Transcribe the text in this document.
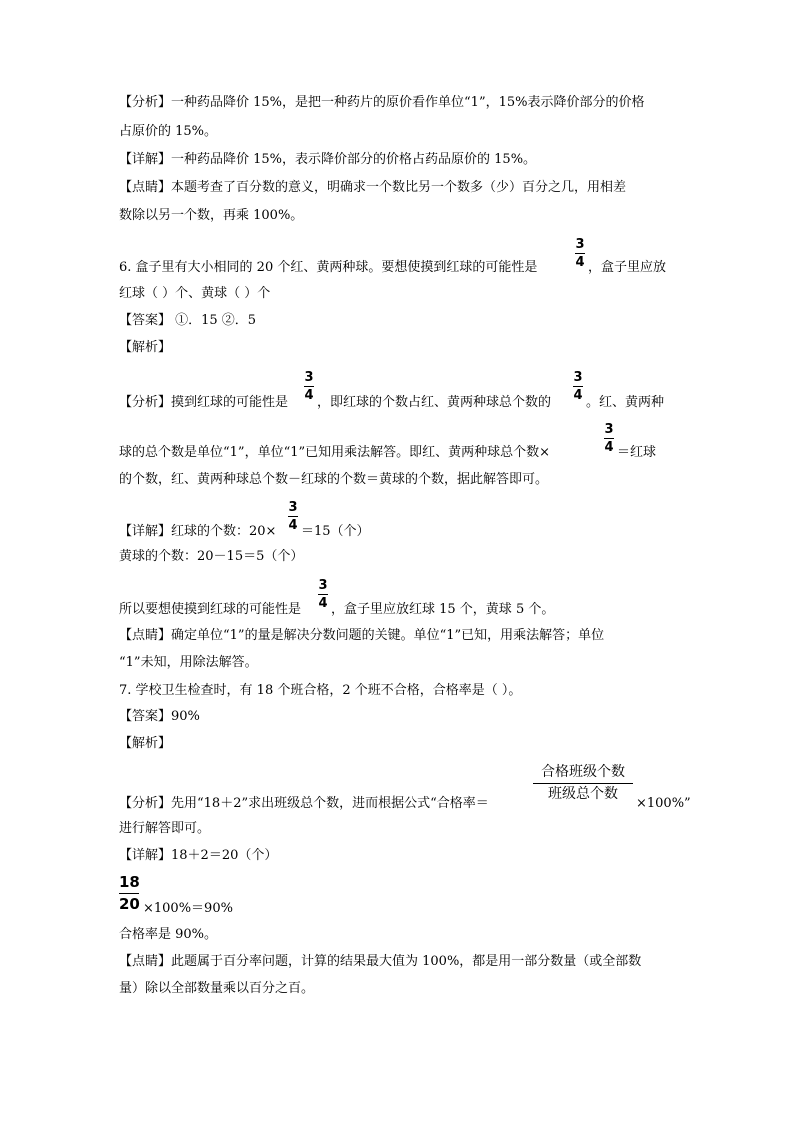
【分析】一种药品降价 15%，是把一种药片的原价看作单位“1”，15%表示降价部分的价格
占原价的 15%。
【详解】一种药品降价 15%，表示降价部分的价格占药品原价的 15%。
【点睛】本题考查了百分数的意义，明确求一个数比另一个数多（少）百分之几，用相差
数除以另一个数，再乘 100%。
6. 盒子里有大小相同的 20 个红、黄两种球。要想使摸到红球的可能性是
3
4 ，盒子里应放
红球（ ）个、黄球（ ）个
【答案】 ①．15 ②．5
【解析】
【分析】摸到红球的可能性是
3
4 ，即红球的个数占红、黄两种球总个数的
3
4 。红、黄两种
球的总个数是单位“1”，单位“1”已知用乘法解答。即红、黄两种球总个数×
3
4 ＝红球
的个数，红、黄两种球总个数－红球的个数＝黄球的个数，据此解答即可。
【详解】红球的个数：20×
3
4 ＝15（个）
黄球的个数：20－15＝5（个）
所以要想使摸到红球的可能性是
3
4 ，盒子里应放红球 15 个，黄球 5 个。
【点睛】确定单位“1”的量是解决分数问题的关键。单位“1”已知，用乘法解答；单位
“1”未知，用除法解答。
7. 学校卫生检查时，有 18 个班合格，2 个班不合格，合格率是（ ）。
【答案】90%
【解析】
【分析】先用“18＋2”求出班级总个数，进而根据公式“合格率＝
合格班级个数
班级总个数
×100%”
进行解答即可。
【详解】18＋2＝20（个）
18
20 ×100%＝90%
合格率是 90%。
【点睛】此题属于百分率问题，计算的结果最大值为 100%，都是用一部分数量（或全部数
量）除以全部数量乘以百分之百。
